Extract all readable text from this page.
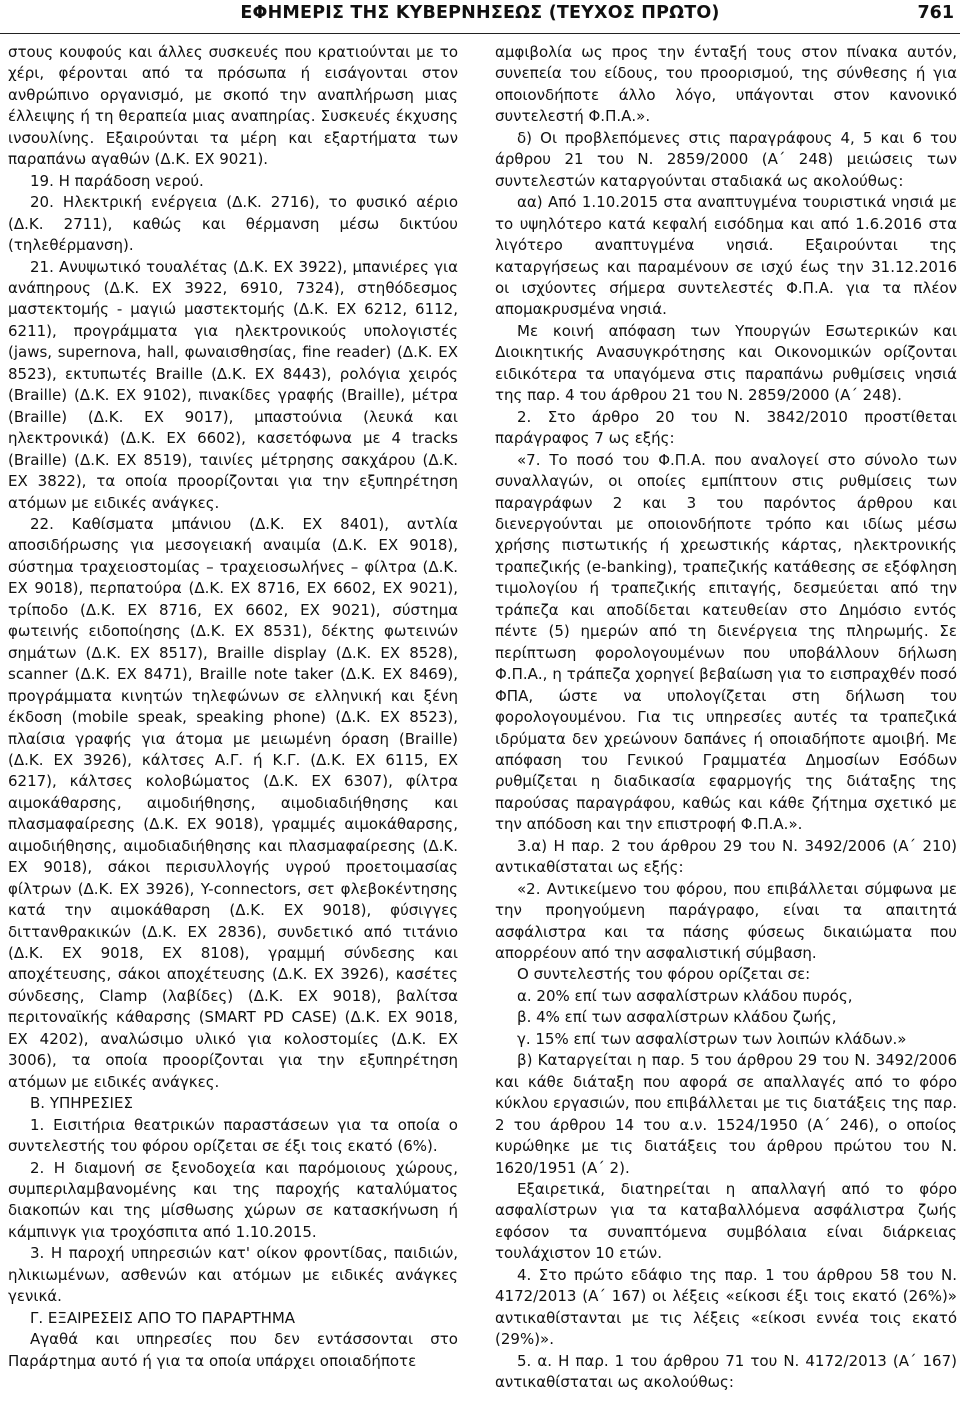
ΕΦΗΜΕΡΙΣ ΤΗΣ ΚΥΒΕΡΝΗΣΕΩΣ (ΤΕΥΧΟΣ ΠΡΩΤΟ)	761

στους κουφούς και άλλες συσκευές που κρατιούνται με το χέρι, φέρονται από τα πρόσωπα ή εισάγονται στον ανθρώπινο οργανισμό, με σκοπό την αναπλήρωση μιας έλλειψης ή τη θεραπεία μιας αναπηρίας. Συσκευές έκχυσης ινσουλίνης. Εξαιρούνται τα μέρη και εξαρτήματα των παραπάνω αγαθών (Δ.Κ. ΕΧ 9021).

19. Η παράδοση νερού.

20. Ηλεκτρική ενέργεια (Δ.Κ. 2716), το φυσικό αέριο (Δ.Κ. 2711), καθώς και θέρμανση μέσω δικτύου (τηλεθέρμανση).

21. Ανυψωτικό τουαλέτας (Δ.Κ. ΕΧ 3922), μπανιέρες για ανάπηρους (Δ.Κ. ΕΧ 3922, 6910, 7324), στηθόδεσμος μαστεκτομής - μαγιώ μαστεκτομής (Δ.Κ. ΕΧ 6212, 6112, 6211), προγράμματα για ηλεκτρονικούς υπολογιστές (jaws, supernova, hall, φωναισθησίας, fine reader) (Δ.Κ. ΕΧ 8523), εκτυπωτές Braille (Δ.Κ. ΕΧ 8443), ρολόγια χειρός (Braille) (Δ.Κ. ΕΧ 9102), πινακίδες γραφής (Braille), μέτρα (Braille) (Δ.Κ. ΕΧ 9017), μπαστούνια (λευκά και ηλεκτρονικά) (Δ.Κ. ΕΧ 6602), κασετόφωνα με 4 tracks (Braille) (Δ.Κ. ΕΧ 8519), ταινίες μέτρησης σακχάρου (Δ.Κ. ΕΧ 3822), τα οποία προορίζονται για την εξυπηρέτηση ατόμων με ειδικές ανάγκες.

22. Καθίσματα μπάνιου (Δ.Κ. ΕΧ 8401), αντλία αποσιδήρωσης για μεσογειακή αναιμία (Δ.Κ. ΕΧ 9018), σύστημα τραχειοστομίας – τραχειοσωλήνες – φίλτρα (Δ.Κ. ΕΧ 9018), περπατούρα (Δ.Κ. ΕΧ 8716, ΕΧ 6602, ΕΧ 9021), τρίποδο (Δ.Κ. ΕΧ 8716, ΕΧ 6602, ΕΧ 9021), σύστημα φωτεινής ειδοποίησης (Δ.Κ. ΕΧ 8531), δέκτης φωτεινών σημάτων (Δ.Κ. ΕΧ 8517), Braille display (Δ.Κ. ΕΧ 8528), scanner (Δ.Κ. ΕΧ 8471), Braille note taker (Δ.Κ. ΕΧ 8469), προγράμματα κινητών τηλεφώνων σε ελληνική και ξένη έκδοση (mobile speak, speaking phone) (Δ.Κ. ΕΧ 8523), πλαίσια γραφής για άτομα με μειωμένη όραση (Braille) (Δ.Κ. ΕΧ 3926), κάλτσες Α.Γ. ή Κ.Γ. (Δ.Κ. ΕΧ 6115, ΕΧ 6217), κάλτσες κολοβώματος (Δ.Κ. ΕΧ 6307), φίλτρα αιμοκάθαρσης, αιμοδιήθησης, αιμοδιαδιήθησης και πλασμαφαίρεσης (Δ.Κ. ΕΧ 9018), γραμμές αιμοκάθαρσης, αιμοδιήθησης, αιμοδιαδιήθησης και πλασμαφαίρεσης (Δ.Κ. ΕΧ 9018), σάκοι περισυλλογής υγρού προετοιμασίας φίλτρων (Δ.Κ. ΕΧ 3926), Y-connectors, σετ φλεβοκέντησης κατά την αιμοκάθαρση (Δ.Κ. ΕΧ 9018), φύσιγγες διττανθρακικών (Δ.Κ. ΕΧ 2836), συνδετικό από τιτάνιο (Δ.Κ. ΕΧ 9018, ΕΧ 8108), γραμμή σύνδεσης και αποχέτευσης, σάκοι αποχέτευσης (Δ.Κ. ΕΧ 3926), κασέτες σύνδεσης, Clamp (λαβίδες) (Δ.Κ. ΕΧ 9018), βαλίτσα περιτοναϊκής κάθαρσης (SMART PD CASE) (Δ.Κ. ΕΧ 9018, ΕΧ 4202), αναλώσιμο υλικό για κολοστομίες (Δ.Κ. ΕΧ 3006), τα οποία προορίζονται για την εξυπηρέτηση ατόμων με ειδικές ανάγκες.

Β. ΥΠΗΡΕΣΙΕΣ

1. Εισιτήρια θεατρικών παραστάσεων για τα οποία ο συντελεστής του φόρου ορίζεται σε έξι τοις εκατό (6%).

2. Η διαμονή σε ξενοδοχεία και παρόμοιους χώρους, συμπεριλαμβανομένης και της παροχής καταλύματος διακοπών και της μίσθωσης χώρων σε κατασκήνωση ή κάμπινγκ για τροχόσπιτα από 1.10.2015.

3. Η παροχή υπηρεσιών κατ' οίκον φροντίδας, παιδιών, ηλικιωμένων, ασθενών και ατόμων με ειδικές ανάγκες γενικά.

Γ. ΕΞΑΙΡΕΣΕΙΣ ΑΠΟ ΤΟ ΠΑΡΑΡΤΗΜΑ

Αγαθά και υπηρεσίες που δεν εντάσσονται στο Παράρτημα αυτό ή για τα οποία υπάρχει οποιαδήποτε

αμφιβολία ως προς την ένταξή τους στον πίνακα αυτόν, συνεπεία του είδους, του προορισμού, της σύνθεσης ή για οποιονδήποτε άλλο λόγο, υπάγονται στον κανονικό συντελεστή Φ.Π.Α.».

δ) Οι προβλεπόμενες στις παραγράφους 4, 5 και 6 του άρθρου 21 του Ν. 2859/2000 (Α΄ 248) μειώσεις των συντελεστών καταργούνται σταδιακά ως ακολούθως:

αα) Από 1.10.2015 στα αναπτυγμένα τουριστικά νησιά με το υψηλότερο κατά κεφαλή εισόδημα και από 1.6.2016 στα λιγότερο αναπτυγμένα νησιά. Εξαιρούνται της καταργήσεως και παραμένουν σε ισχύ έως την 31.12.2016 οι ισχύοντες σήμερα συντελεστές Φ.Π.Α. για τα πλέον απομακρυσμένα νησιά.

Με κοινή απόφαση των Υπουργών Εσωτερικών και Διοικητικής Ανασυγκρότησης και Οικονομικών ορίζονται ειδικότερα τα υπαγόμενα στις παραπάνω ρυθμίσεις νησιά της παρ. 4 του άρθρου 21 του Ν. 2859/2000 (Α΄ 248).

2. Στο άρθρο 20 του Ν. 3842/2010 προστίθεται παράγραφος 7 ως εξής:

«7. Το ποσό του Φ.Π.Α. που αναλογεί στο σύνολο των συναλλαγών, οι οποίες εμπίπτουν στις ρυθμίσεις των παραγράφων 2 και 3 του παρόντος άρθρου και διενεργούνται με οποιονδήποτε τρόπο και ιδίως μέσω χρήσης πιστωτικής ή χρεωστικής κάρτας, ηλεκτρονικής τραπεζικής (e-banking), τραπεζικής κατάθεσης σε εξόφληση τιμολογίου ή τραπεζικής επιταγής, δεσμεύεται από την τράπεζα και αποδίδεται κατευθείαν στο Δημόσιο εντός πέντε (5) ημερών από τη διενέργεια της πληρωμής. Σε περίπτωση φορολογουμένων που υποβάλλουν δήλωση Φ.Π.Α., η τράπεζα χορηγεί βεβαίωση για το εισπραχθέν ποσό ΦΠΑ, ώστε να υπολογίζεται στη δήλωση του φορολογουμένου. Για τις υπηρεσίες αυτές τα τραπεζικά ιδρύματα δεν χρεώνουν δαπάνες ή οποιαδήποτε αμοιβή. Με απόφαση του Γενικού Γραμματέα Δημοσίων Εσόδων ρυθμίζεται η διαδικασία εφαρμογής της διάταξης της παρούσας παραγράφου, καθώς και κάθε ζήτημα σχετικό με την απόδοση και την επιστροφή Φ.Π.Α.».

3.α) Η παρ. 2 του άρθρου 29 του Ν. 3492/2006 (Α΄ 210) αντικαθίσταται ως εξής:

«2. Αντικείμενο του φόρου, που επιβάλλεται σύμφωνα με την προηγούμενη παράγραφο, είναι τα απαιτητά ασφάλιστρα και τα πάσης φύσεως δικαιώματα που απορρέουν από την ασφαλιστική σύμβαση.

Ο συντελεστής του φόρου ορίζεται σε:

α. 20% επί των ασφαλίστρων κλάδου πυρός,

β. 4% επί των ασφαλίστρων κλάδου ζωής,

γ. 15% επί των ασφαλίστρων των λοιπών κλάδων.»

β) Καταργείται η παρ. 5 του άρθρου 29 του Ν. 3492/2006 και κάθε διάταξη που αφορά σε απαλλαγές από το φόρο κύκλου εργασιών, που επιβάλλεται με τις διατάξεις της παρ. 2 του άρθρου 14 του α.ν. 1524/1950 (Α΄ 246), ο οποίος κυρώθηκε με τις διατάξεις του άρθρου πρώτου του Ν. 1620/1951 (Α΄ 2).

Εξαιρετικά, διατηρείται η απαλλαγή από το φόρο ασφαλίστρων για τα καταβαλλόμενα ασφάλιστρα ζωής εφόσον τα συναπτόμενα συμβόλαια είναι διάρκειας τουλάχιστον 10 ετών.

4. Στο πρώτο εδάφιο της παρ. 1 του άρθρου 58 του Ν. 4172/2013 (Α΄ 167) οι λέξεις «είκοσι έξι τοις εκατό (26%)» αντικαθίστανται με τις λέξεις «είκοσι εννέα τοις εκατό (29%)».

5. α. Η παρ. 1 του άρθρου 71 του Ν. 4172/2013 (Α΄ 167) αντικαθίσταται ως ακολούθως:
